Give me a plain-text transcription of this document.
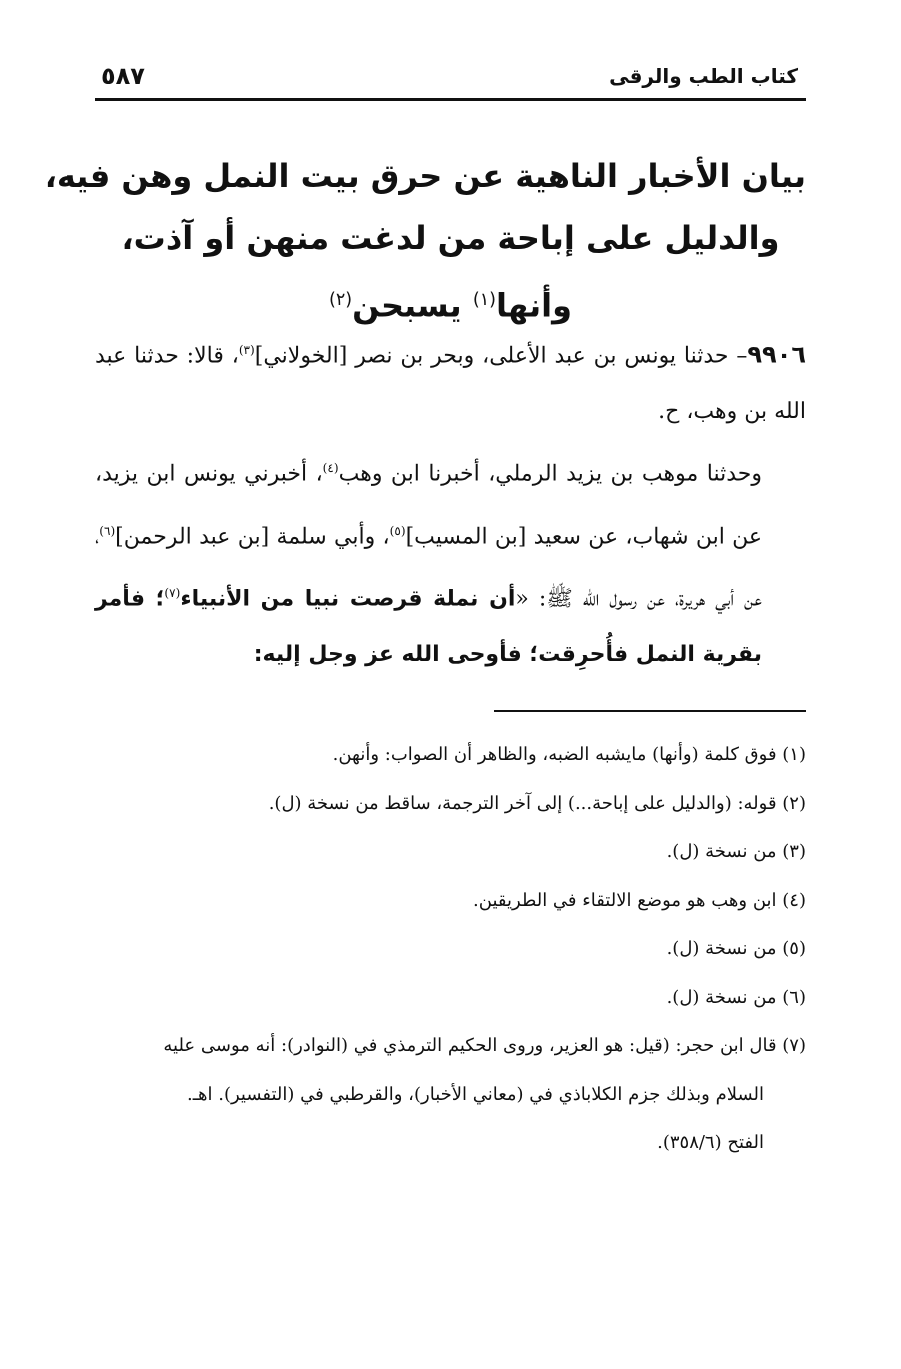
كتاب الطب والرقى
٥٨٧
بيان الأخبار الناهية عن حرق بيت النمل وهن فيه،
والدليل على إباحة من لدغت منهن أو آذت،
وأنها$^{(١)}$ يسبحن$^{(٢)}$

٩٩٠٦– حدثنا يونس بن عبد الأعلى، وبحر بن نصر [الخولاني]$^{(٣)}$، قالا: حدثنا عبد الله بن وهب، ح.

وحدثنا موهب بن يزيد الرملي، أخبرنا ابن وهب$^{(٤)}$، أخبرني يونس ابن يزيد، عن ابن شهاب، عن سعيد [بن المسيب]$^{(٥)}$، وأبي سلمة [بن عبد الرحمن]$^{(٦)}$، عن أبي هريرة، عن رسول الله ﷺ: «أن نملة قرصت نبيا من الأنبياء$^{(٧)}$؛ فأمر بقرية النمل فأُحرِقت؛ فأوحى الله عز وجل إليه:

(١) فوق كلمة (وأنها) مايشبه الضبه، والظاهر أن الصواب: وأنهن.
(٢) قوله: (والدليل على إباحة...) إلى آخر الترجمة، ساقط من نسخة (ل).
(٣) من نسخة (ل).
(٤) ابن وهب هو موضع الالتقاء في الطريقين.
(٥) من نسخة (ل).
(٦) من نسخة (ل).
(٧) قال ابن حجر: (قيل: هو العزير، وروى الحكيم الترمذي في (النوادر): أنه موسى عليه
السلام وبذلك جزم الكلاباذي في (معاني الأخبار)، والقرطبي في (التفسير). اهـ.
الفتح (٣٥٨/٦).
